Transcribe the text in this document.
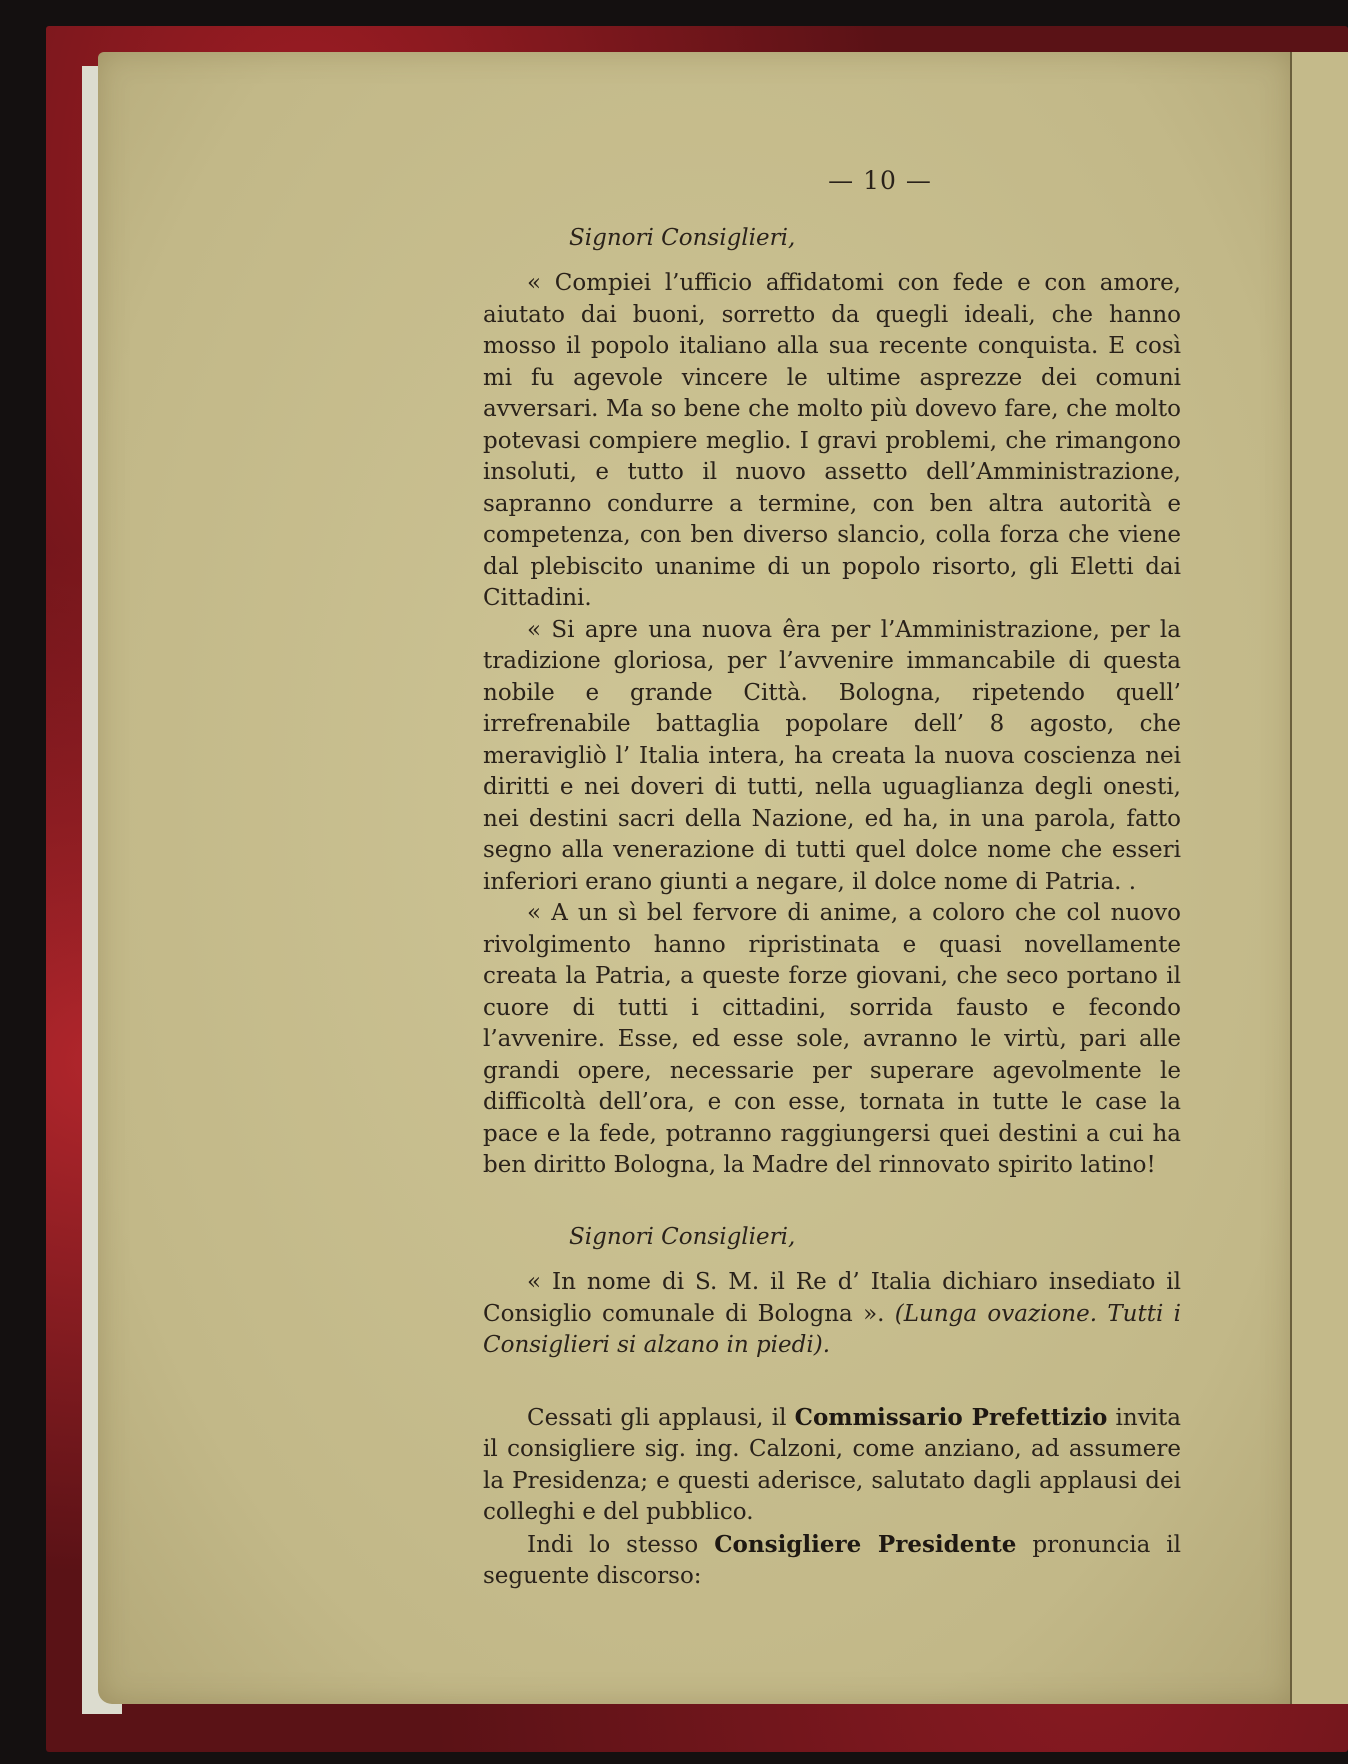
— 10 —

Signori Consiglieri,

« Compiei l’ufficio affidatomi con fede e con amore, aiutato dai buoni, sorretto da quegli ideali, che hanno mosso il popolo italiano alla sua recente conquista. E così mi fu agevole vincere le ultime asprezze dei comuni avversari. Ma so bene che molto più dovevo fare, che molto potevasi compiere meglio. I gravi problemi, che rimangono insoluti, e tutto il nuovo assetto dell’Amministrazione, sapranno condurre a termine, con ben altra autorità e competenza, con ben diverso slancio, colla forza che viene dal plebiscito unanime di un popolo risorto, gli Eletti dai Cittadini.

« Si apre una nuova êra per l’Amministrazione, per la tradizione gloriosa, per l’avvenire immancabile di questa nobile e grande Città. Bologna, ripetendo quell’ irrefrenabile battaglia popolare dell’ 8 agosto, che meravigliò l’ Italia intera, ha creata la nuova coscienza nei diritti e nei doveri di tutti, nella uguaglianza degli onesti, nei destini sacri della Nazione, ed ha, in una parola, fatto segno alla venerazione di tutti quel dolce nome che esseri inferiori erano giunti a negare, il dolce nome di Patria. .

« A un sì bel fervore di anime, a coloro che col nuovo rivolgimento hanno ripristinata e quasi novellamente creata la Patria, a queste forze giovani, che seco portano il cuore di tutti i cittadini, sorrida fausto e fecondo l’avvenire. Esse, ed esse sole, avranno le virtù, pari alle grandi opere, necessarie per superare agevolmente le difficoltà dell’ora, e con esse, tornata in tutte le case la pace e la fede, potranno raggiungersi quei destini a cui ha ben diritto Bologna, la Madre del rinnovato spirito latino!

Signori Consiglieri,

« In nome di S. M. il Re d’ Italia dichiaro insediato il Consiglio comunale di Bologna ». (Lunga ovazione. Tutti i Consiglieri si alzano in piedi).

Cessati gli applausi, il Commissario Prefettizio invita il consigliere sig. ing. Calzoni, come anziano, ad assumere la Presidenza; e questi aderisce, salutato dagli applausi dei colleghi e del pubblico.

Indi lo stesso Consigliere Presidente pronuncia il seguente discorso:
